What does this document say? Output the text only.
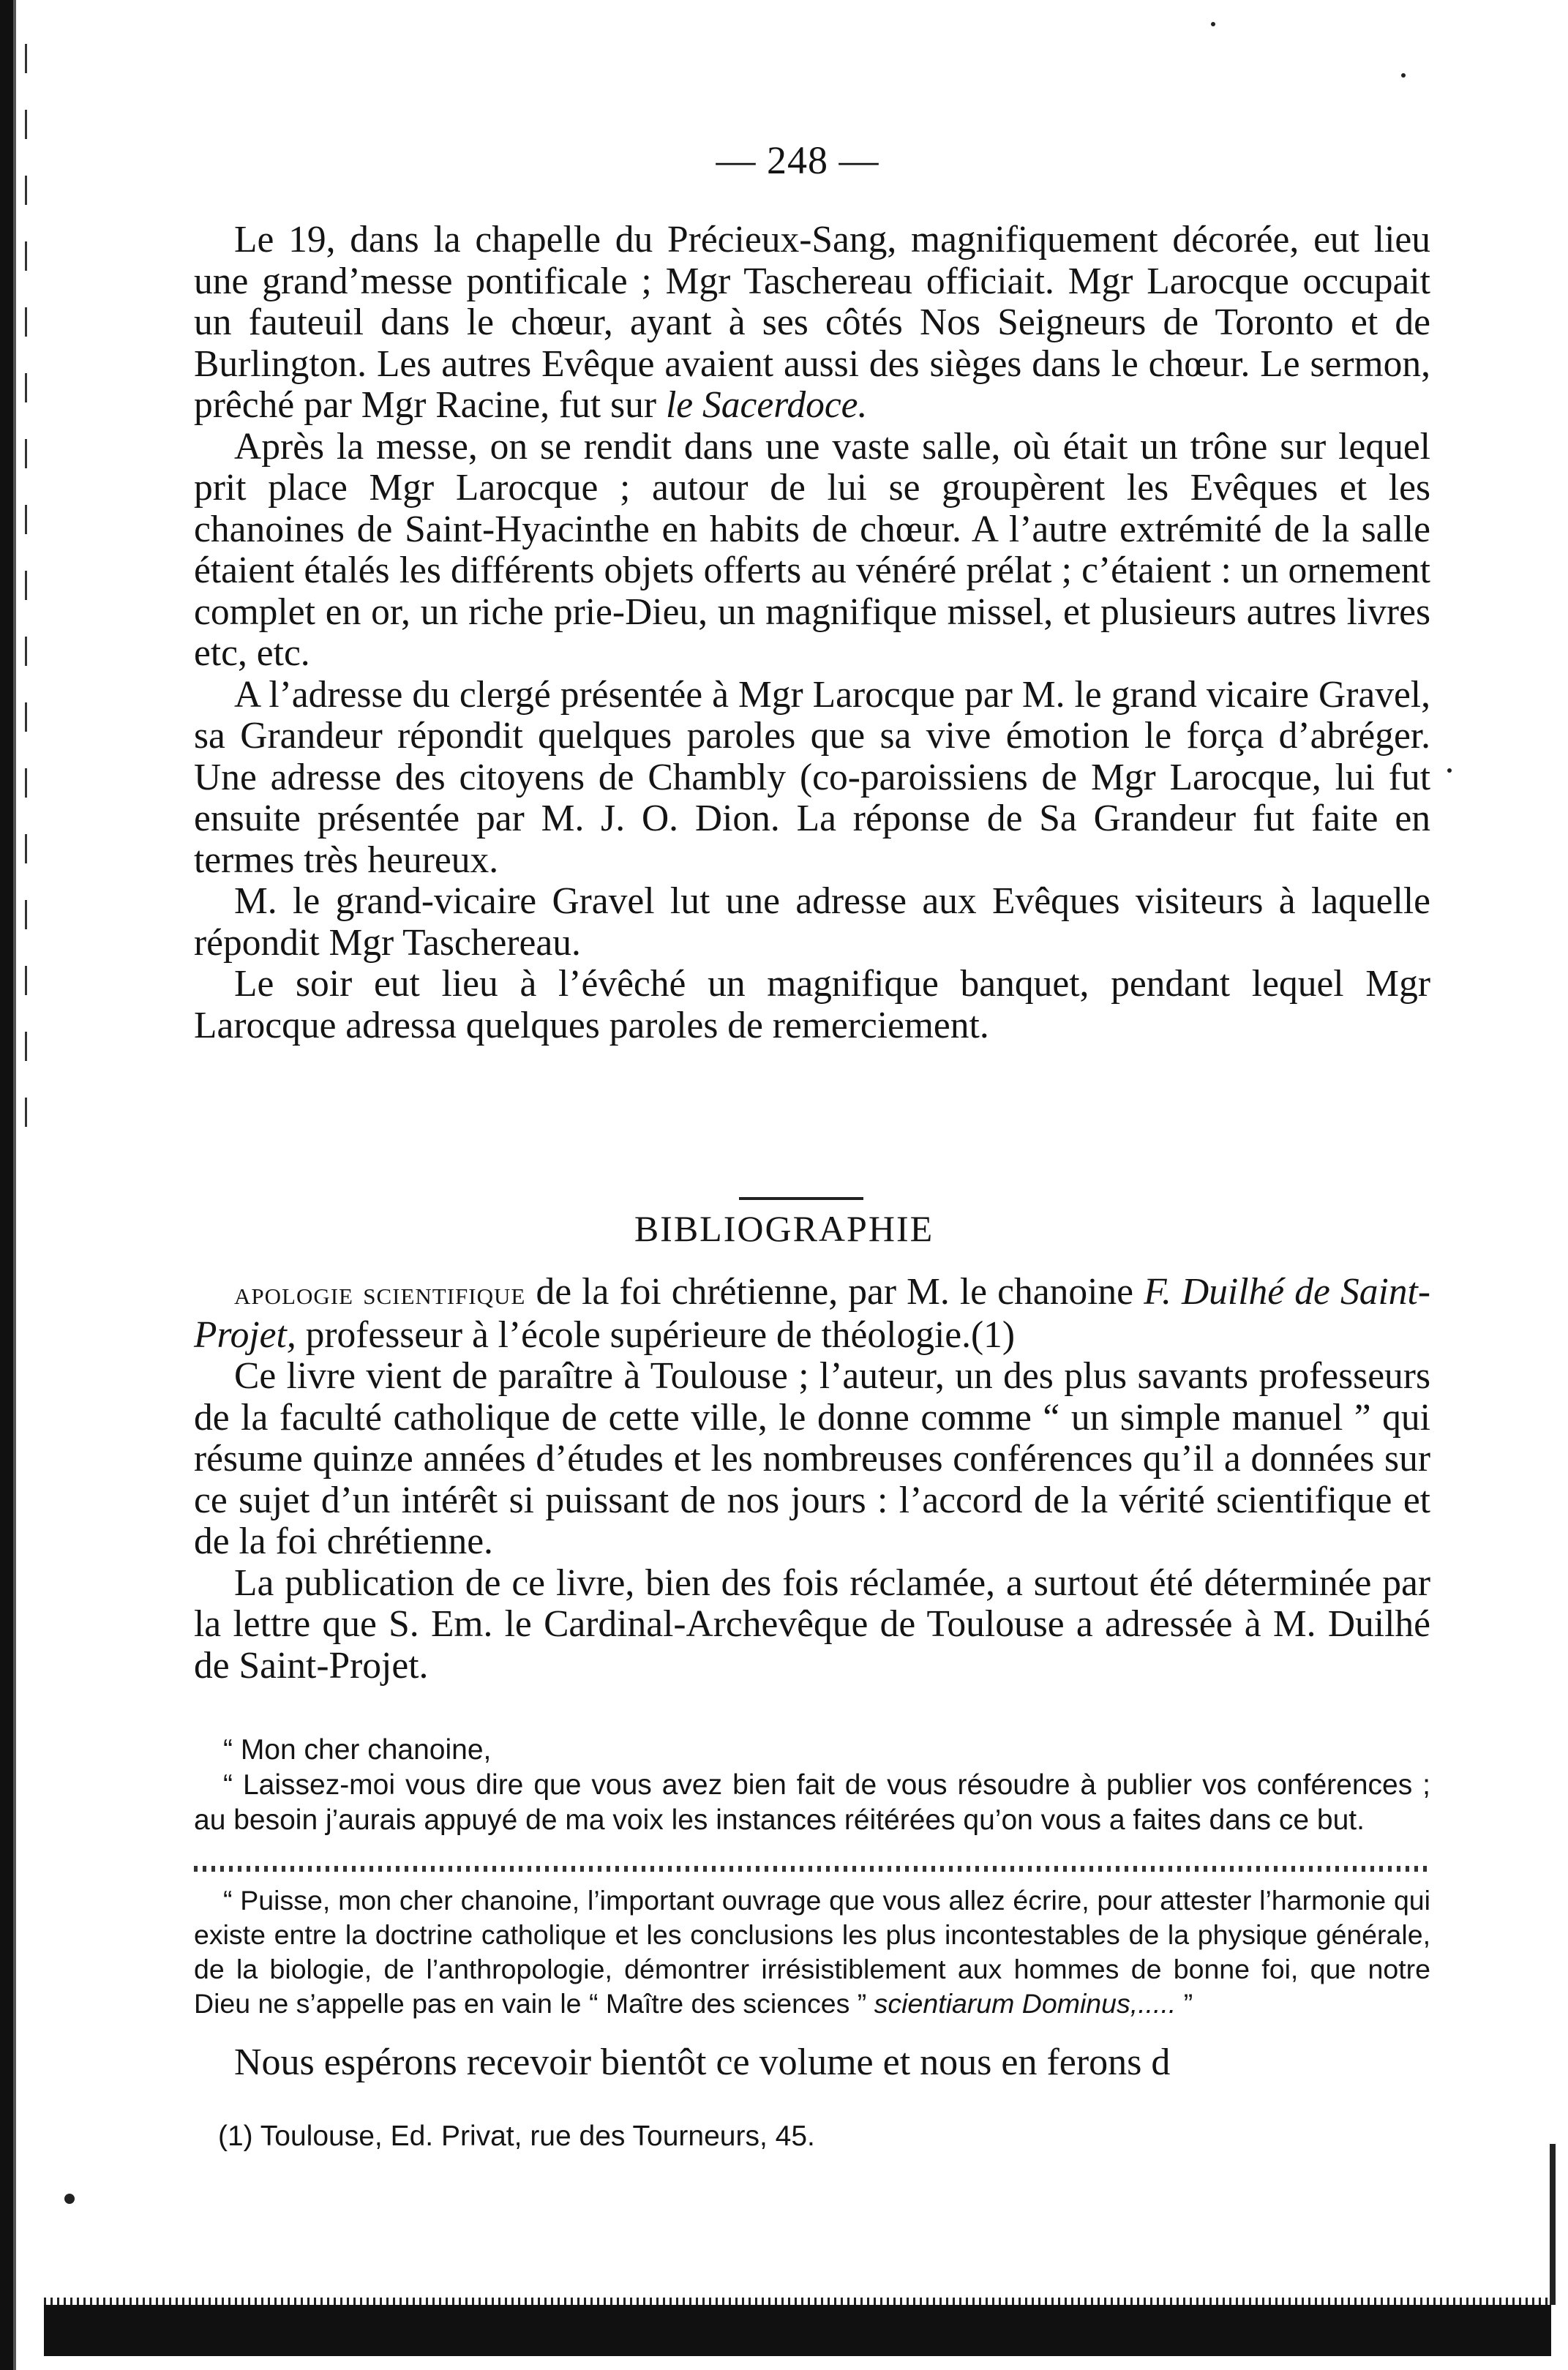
— 248 —

Le 19, dans la chapelle du Précieux-Sang, magnifiquement décorée, eut lieu une grand’messe pontificale ; Mgr Taschereau officiait. Mgr Larocque occupait un fauteuil dans le chœur, ayant à ses côtés Nos Seigneurs de Toronto et de Burlington. Les autres Evêque avaient aussi des sièges dans le chœur. Le sermon, prêché par Mgr Racine, fut sur le Sacerdoce.

Après la messe, on se rendit dans une vaste salle, où était un trône sur lequel prit place Mgr Larocque ; autour de lui se groupèrent les Evêques et les chanoines de Saint-Hyacinthe en habits de chœur. A l’autre extrémité de la salle étaient étalés les différents objets offerts au vénéré prélat ; c’étaient : un ornement complet en or, un riche prie-Dieu, un magnifique missel, et plusieurs autres livres etc, etc.

A l’adresse du clergé présentée à Mgr Larocque par M. le grand vicaire Gravel, sa Grandeur répondit quelques paroles que sa vive émotion le força d’abréger. Une adresse des citoyens de Chambly (co-paroissiens de Mgr Larocque, lui fut ensuite présentée par M. J. O. Dion. La réponse de Sa Grandeur fut faite en termes très heureux.

M. le grand-vicaire Gravel lut une adresse aux Evêques visiteurs à laquelle répondit Mgr Taschereau.

Le soir eut lieu à l’évêché un magnifique banquet, pendant lequel Mgr Larocque adressa quelques paroles de remerciement.

BIBLIOGRAPHIE

apologie scientifique de la foi chrétienne, par M. le chanoine F. Duilhé de Saint-Projet, professeur à l’école supérieure de théologie.(1)

Ce livre vient de paraître à Toulouse ; l’auteur, un des plus savants professeurs de la faculté catholique de cette ville, le donne comme “ un simple manuel ” qui résume quinze années d’études et les nombreuses conférences qu’il a données sur ce sujet d’un intérêt si puissant de nos jours : l’accord de la vérité scientifique et de la foi chrétienne.

La publication de ce livre, bien des fois réclamée, a surtout été déterminée par la lettre que S. Em. le Cardinal-Archevêque de Toulouse a adressée à M. Duilhé de Saint-Projet.

“ Mon cher chanoine,

“ Laissez-moi vous dire que vous avez bien fait de vous résoudre à publier vos conférences ; au besoin j’aurais appuyé de ma voix les instances réitérées qu’on vous a faites dans ce but.

“ Puisse, mon cher chanoine, l’important ouvrage que vous allez écrire, pour attester l’harmonie qui existe entre la doctrine catholique et les conclusions les plus incontestables de la physique générale, de la biologie, de l’anthropologie, démontrer irrésistiblement aux hommes de bonne foi, que notre Dieu ne s’appelle pas en vain le “ Maître des sciences ” scientiarum Dominus,..... ”

Nous espérons recevoir bientôt ce volume et nous en ferons d
(1) Toulouse, Ed. Privat, rue des Tourneurs, 45.
